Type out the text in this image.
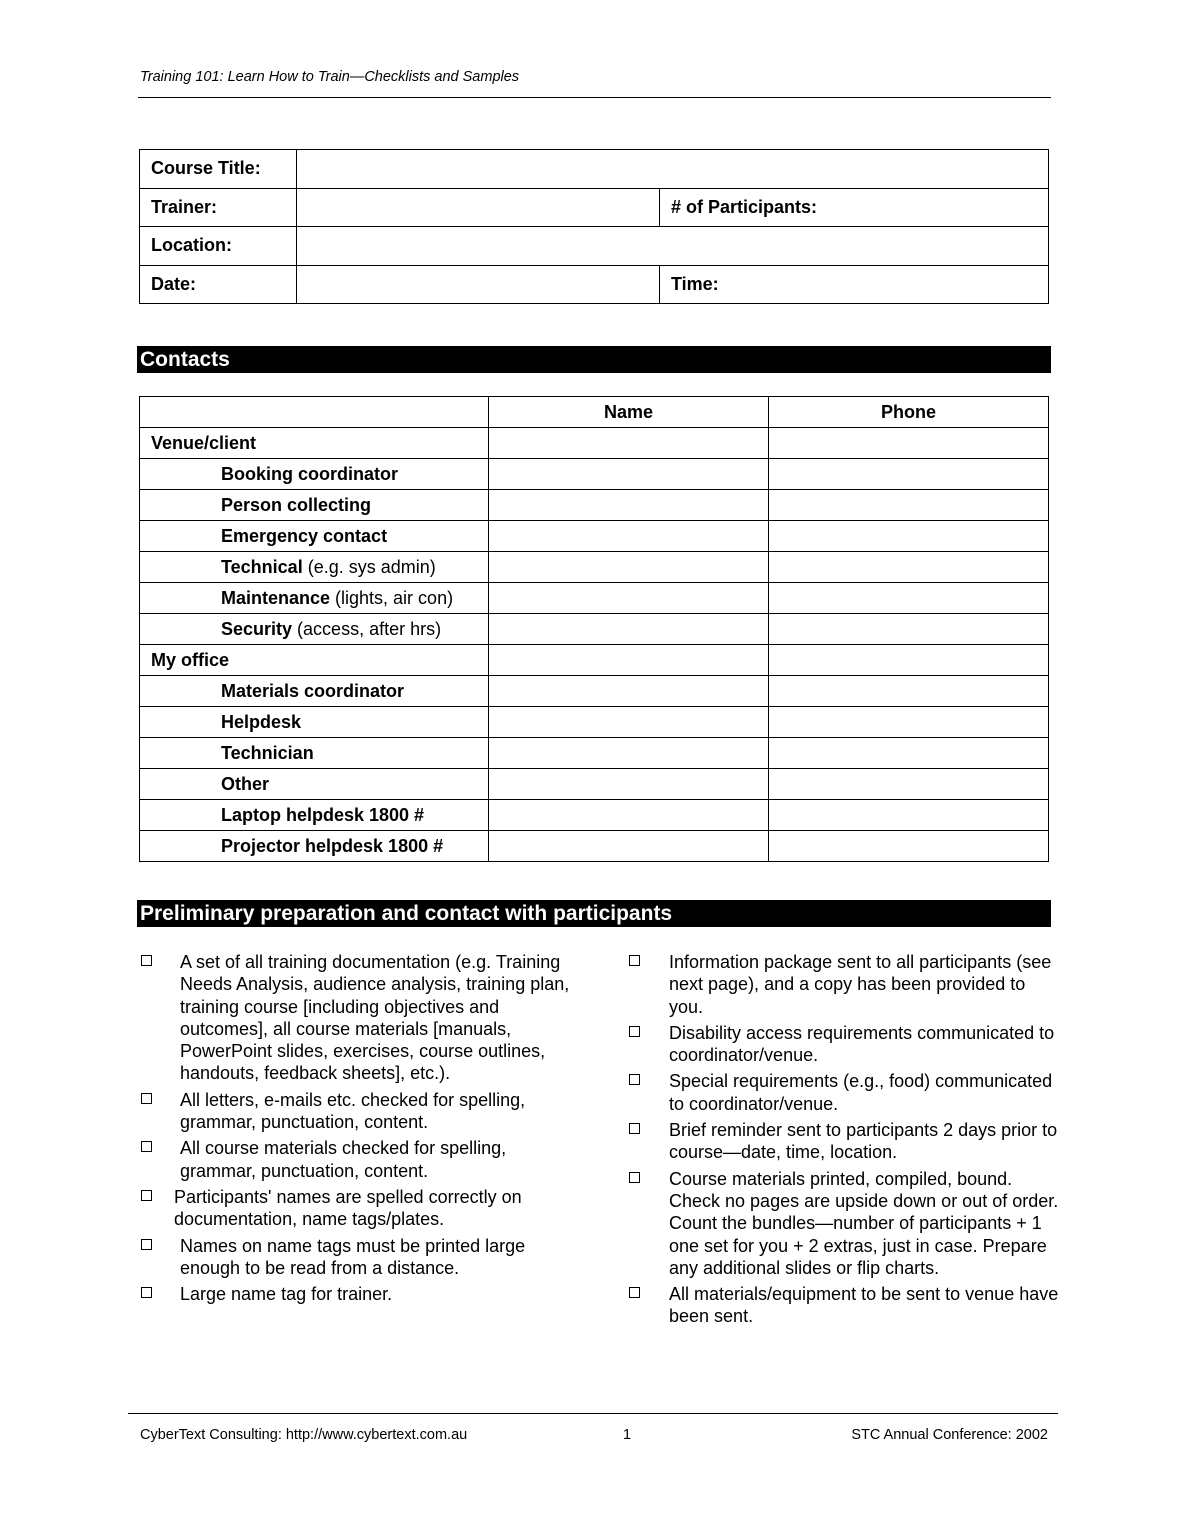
Training 101: Learn How to Train—Checklists and Samples
Course Title:		
Trainer:		# of Participants:
Location:		
Date:		Time:
Contacts
	Name	Phone
Venue/client		
Booking coordinator		
Person collecting		
Emergency contact		
Technical (e.g. sys admin)		
Maintenance (lights, air con)		
Security (access, after hrs)		
My office		
Materials coordinator		
Helpdesk		
Technician		
Other		
Laptop helpdesk 1800 #		
Projector helpdesk 1800 #		
Preliminary preparation and contact with participants
A set of all training documentation (e.g. Training Needs Analysis, audience analysis, training plan, training course [including objectives and outcomes], all course materials [manuals, PowerPoint slides, exercises, course outlines, handouts, feedback sheets], etc.).
All letters, e-mails etc. checked for spelling, grammar, punctuation, content.
All course materials checked for spelling, grammar, punctuation, content.
Participants' names are spelled correctly on documentation, name tags/plates.
Names on name tags must be printed large enough to be read from a distance.
Large name tag for trainer.
Information package sent to all participants (see next page), and a copy has been provided to you.
Disability access requirements communicated to coordinator/venue.
Special requirements (e.g., food) communicated to coordinator/venue.
Brief reminder sent to participants 2 days prior to course—date, time, location.
Course materials printed, compiled, bound. Check no pages are upside down or out of order. Count the bundles—number of participants + 1 one set for you + 2 extras, just in case. Prepare any additional slides or flip charts.
All materials/equipment to be sent to venue have been sent.
CyberText Consulting: http://www.cybertext.com.au	1	STC Annual Conference: 2002
